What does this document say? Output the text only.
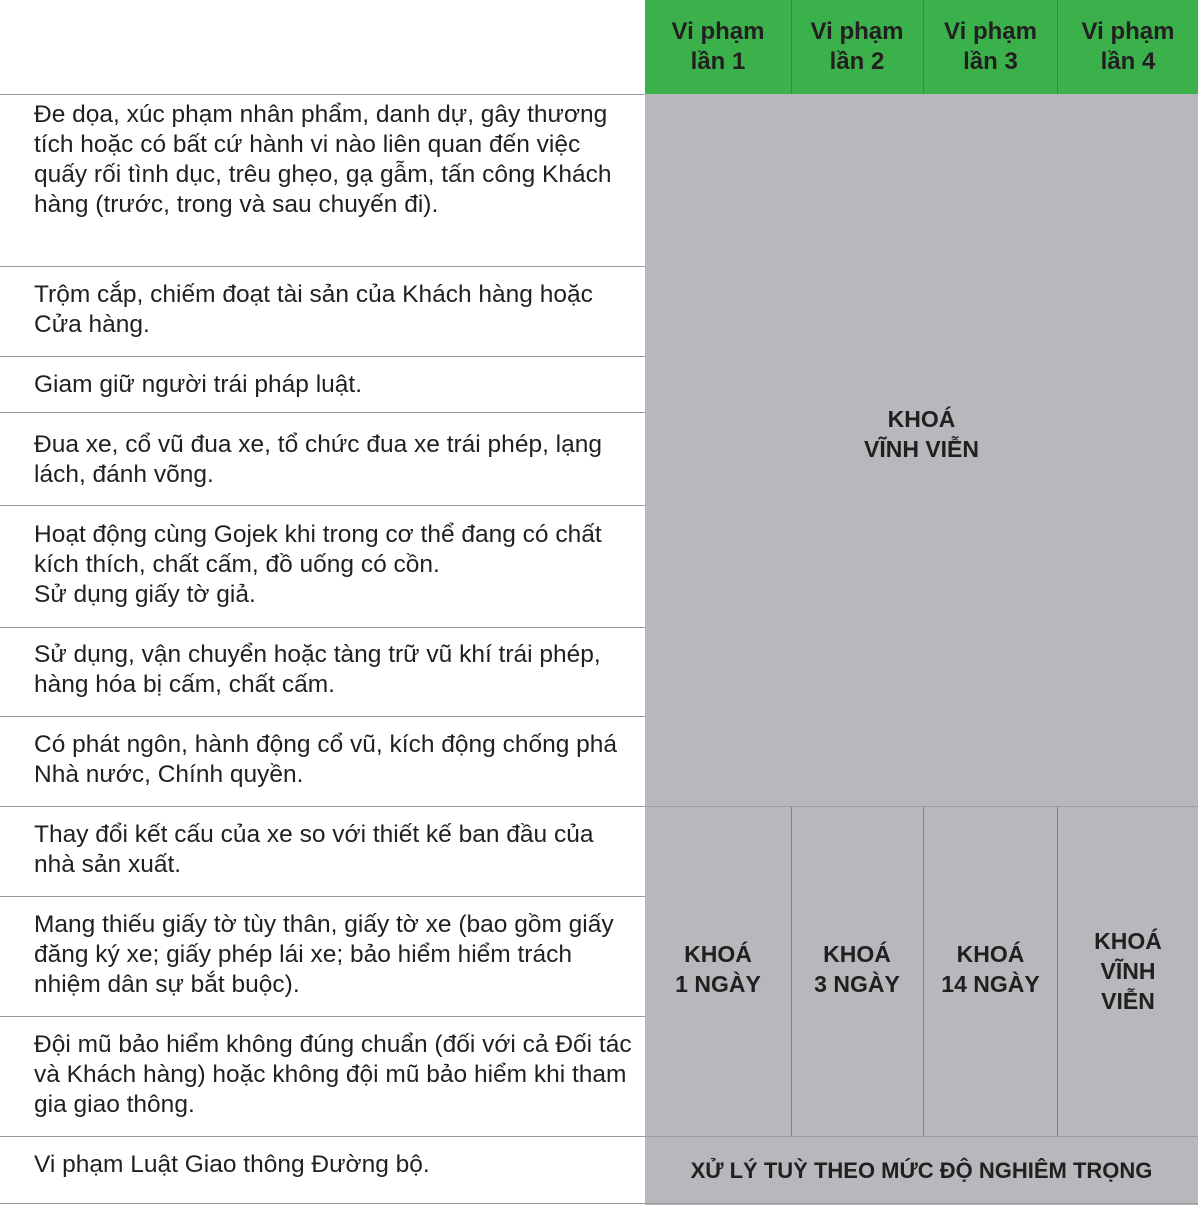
Vi phạm
lần 1
Vi phạm
lần 2
Vi phạm
lần 3
Vi phạm
lần 4
Đe dọa, xúc phạm nhân phẩm, danh dự, gây thương tích hoặc có bất cứ hành vi nào liên quan đến việc quấy rối tình dục, trêu ghẹo, gạ gẫm, tấn công Khách hàng (trước, trong và sau chuyến đi).
Trộm cắp, chiếm đoạt tài sản của Khách hàng hoặc Cửa hàng.
Giam giữ người trái pháp luật.
Đua xe, cổ vũ đua xe, tổ chức đua xe trái phép, lạng lách, đánh võng.
Hoạt động cùng Gojek khi trong cơ thể đang có chất kích thích, chất cấm, đồ uống có cồn.
Sử dụng giấy tờ giả.
Sử dụng, vận chuyển hoặc tàng trữ vũ khí trái phép, hàng hóa bị cấm, chất cấm.
Có phát ngôn, hành động cổ vũ, kích động chống phá Nhà nước, Chính quyền.
Thay đổi kết cấu của xe so với thiết kế ban đầu của nhà sản xuất.
Mang thiếu giấy tờ tùy thân, giấy tờ xe (bao gồm giấy đăng ký xe; giấy phép lái xe; bảo hiểm hiểm trách nhiệm dân sự bắt buộc).
Đội mũ bảo hiểm không đúng chuẩn (đối với cả Đối tác và Khách hàng) hoặc không đội mũ bảo hiểm khi tham gia giao thông.
Vi phạm Luật Giao thông Đường bộ.
KHOÁ
VĨNH VIỄN
KHOÁ
1 NGÀY
KHOÁ
3 NGÀY
KHOÁ
14 NGÀY
KHOÁ
VĨNH
VIỄN
XỬ LÝ TUỲ THEO MỨC ĐỘ NGHIÊM TRỌNG
